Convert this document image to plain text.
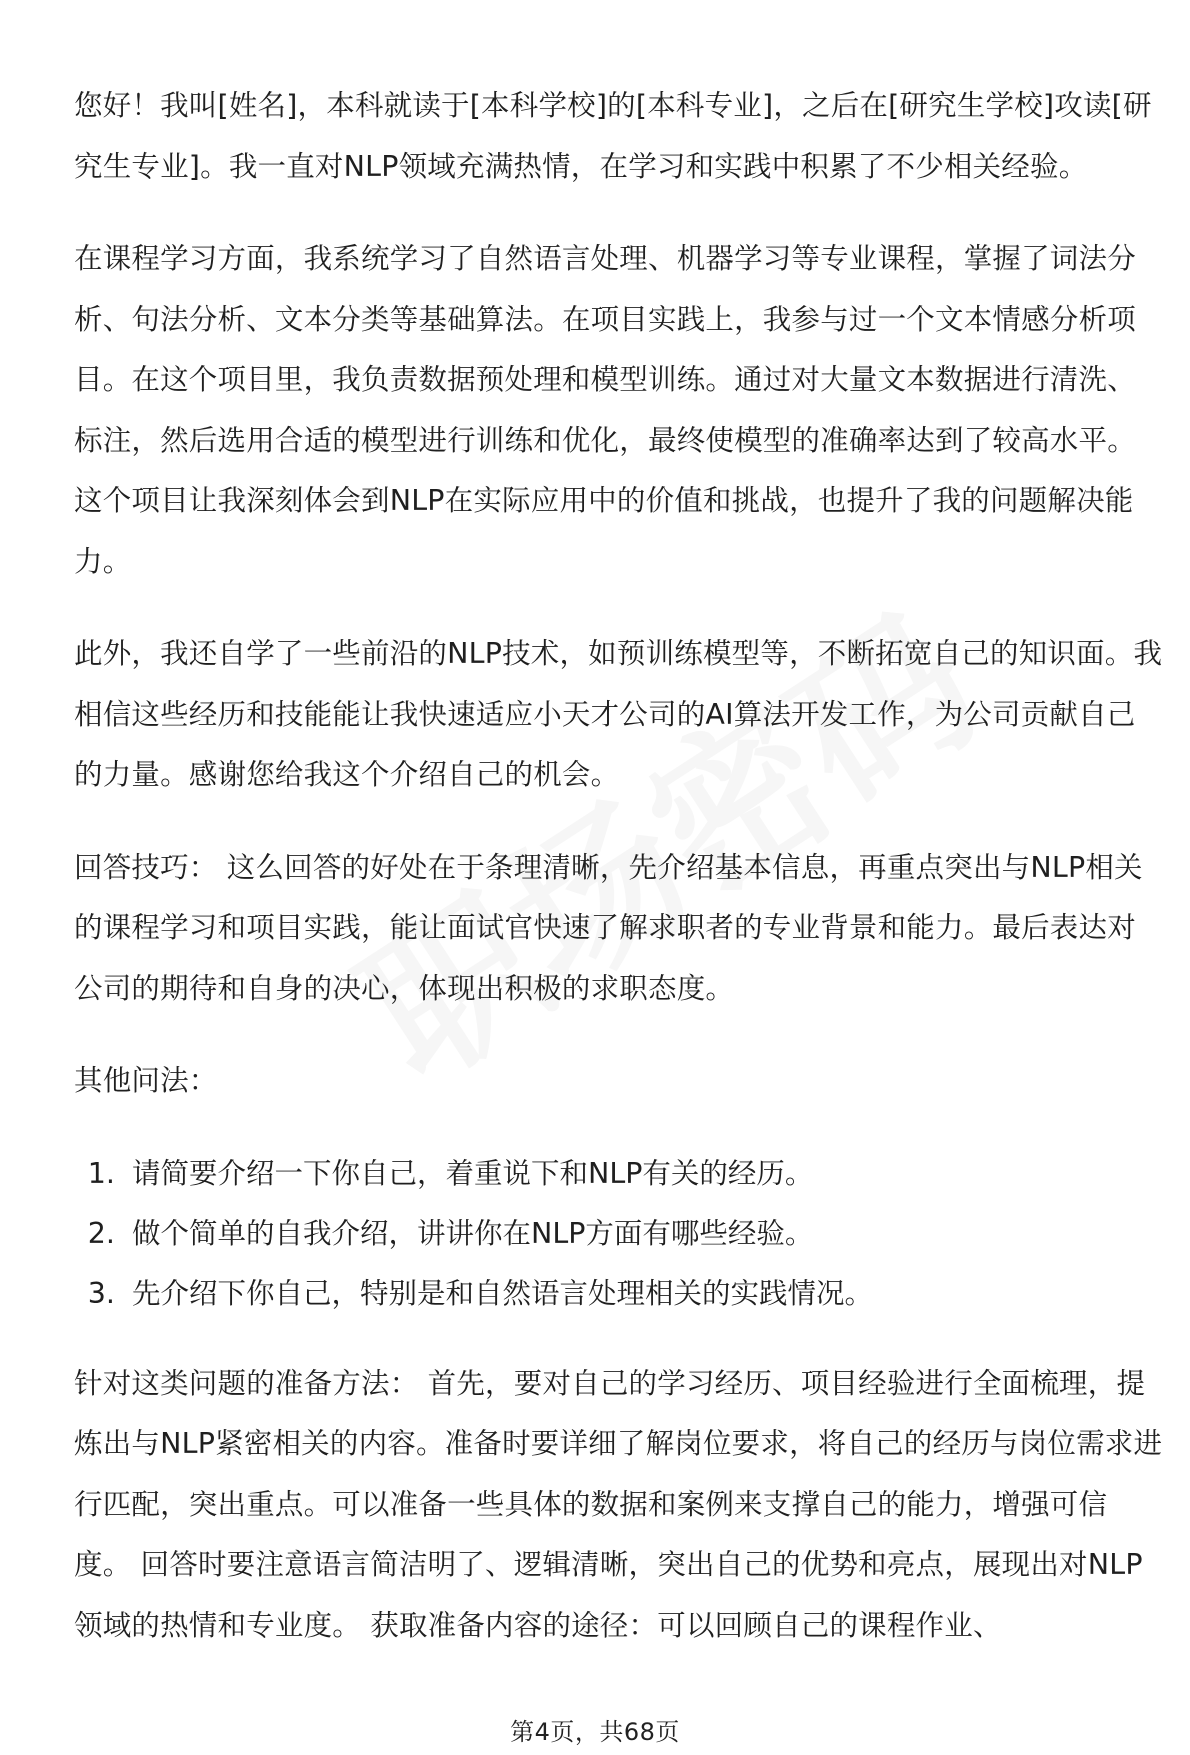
您好！我叫[姓名]，本科就读于[本科学校]的[本科专业]，之后在[研究生学校]攻读[研究生专业]。我一直对NLP领域充满热情，在学习和实践中积累了不少相关经验。

在课程学习方面，我系统学习了自然语言处理、机器学习等专业课程，掌握了词法分析、句法分析、文本分类等基础算法。在项目实践上，我参与过一个文本情感分析项目。在这个项目里，我负责数据预处理和模型训练。通过对大量文本数据进行清洗、标注，然后选用合适的模型进行训练和优化，最终使模型的准确率达到了较高水平。这个项目让我深刻体会到NLP在实际应用中的价值和挑战，也提升了我的问题解决能力。

此外，我还自学了一些前沿的NLP技术，如预训练模型等，不断拓宽自己的知识面。我相信这些经历和技能能让我快速适应小天才公司的AI算法开发工作，为公司贡献自己的力量。感谢您给我这个介绍自己的机会。

回答技巧： 这么回答的好处在于条理清晰，先介绍基本信息，再重点突出与NLP相关的课程学习和项目实践，能让面试官快速了解求职者的专业背景和能力。最后表达对公司的期待和自身的决心，体现出积极的求职态度。

其他问法：

1. 请简要介绍一下你自己，着重说下和NLP有关的经历。
2. 做个简单的自我介绍，讲讲你在NLP方面有哪些经验。
3. 先介绍下你自己，特别是和自然语言处理相关的实践情况。

针对这类问题的准备方法： 首先，要对自己的学习经历、项目经验进行全面梳理，提炼出与NLP紧密相关的内容。准备时要详细了解岗位要求，将自己的经历与岗位需求进行匹配，突出重点。可以准备一些具体的数据和案例来支撑自己的能力，增强可信度。 回答时要注意语言简洁明了、逻辑清晰，突出自己的优势和亮点，展现出对NLP领域的热情和专业度。 获取准备内容的途径：可以回顾自己的课程作业、

第4页，共68页
